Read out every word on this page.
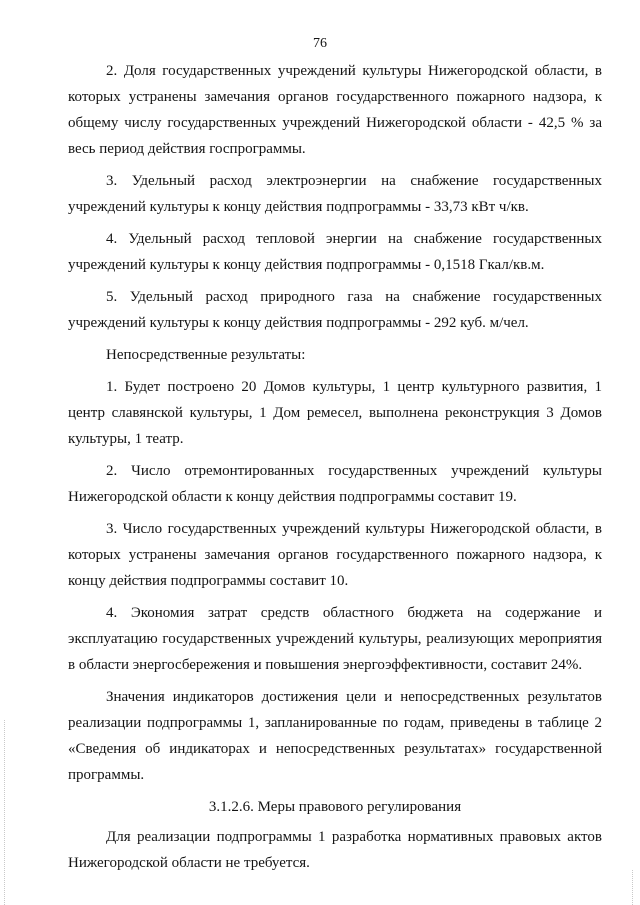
76

2. Доля государственных учреждений культуры Нижегородской области, в которых устранены замечания органов государственного пожарного надзора, к общему числу государственных учреждений Нижегородской области - 42,5 % за весь период действия госпрограммы.

3. Удельный расход электроэнергии на снабжение государственных учреждений культуры к концу действия подпрограммы - 33,73 кВт ч/кв.

4. Удельный расход тепловой энергии на снабжение государственных учреждений культуры к концу действия подпрограммы - 0,1518 Гкал/кв.м.

5. Удельный расход природного газа на снабжение государственных учреждений культуры к концу действия подпрограммы - 292 куб. м/чел.

Непосредственные результаты:

1. Будет построено 20 Домов культуры, 1 центр культурного развития, 1 центр славянской культуры, 1 Дом ремесел, выполнена реконструкция 3 Домов культуры, 1 театр.

2. Число отремонтированных государственных учреждений культуры Нижегородской области к концу действия подпрограммы составит 19.

3. Число государственных учреждений культуры Нижегородской области, в которых устранены замечания органов государственного пожарного надзора, к концу действия подпрограммы составит 10.

4. Экономия затрат средств областного бюджета на содержание и эксплуатацию государственных учреждений культуры, реализующих мероприятия в области энергосбережения и повышения энергоэффективности, составит 24%.

Значения индикаторов достижения цели и непосредственных результатов реализации подпрограммы 1, запланированные по годам, приведены в таблице 2 «Сведения об индикаторах и непосредственных результатах» государственной программы.

3.1.2.6. Меры правового регулирования

Для реализации подпрограммы 1 разработка нормативных правовых актов Нижегородской области не требуется.
